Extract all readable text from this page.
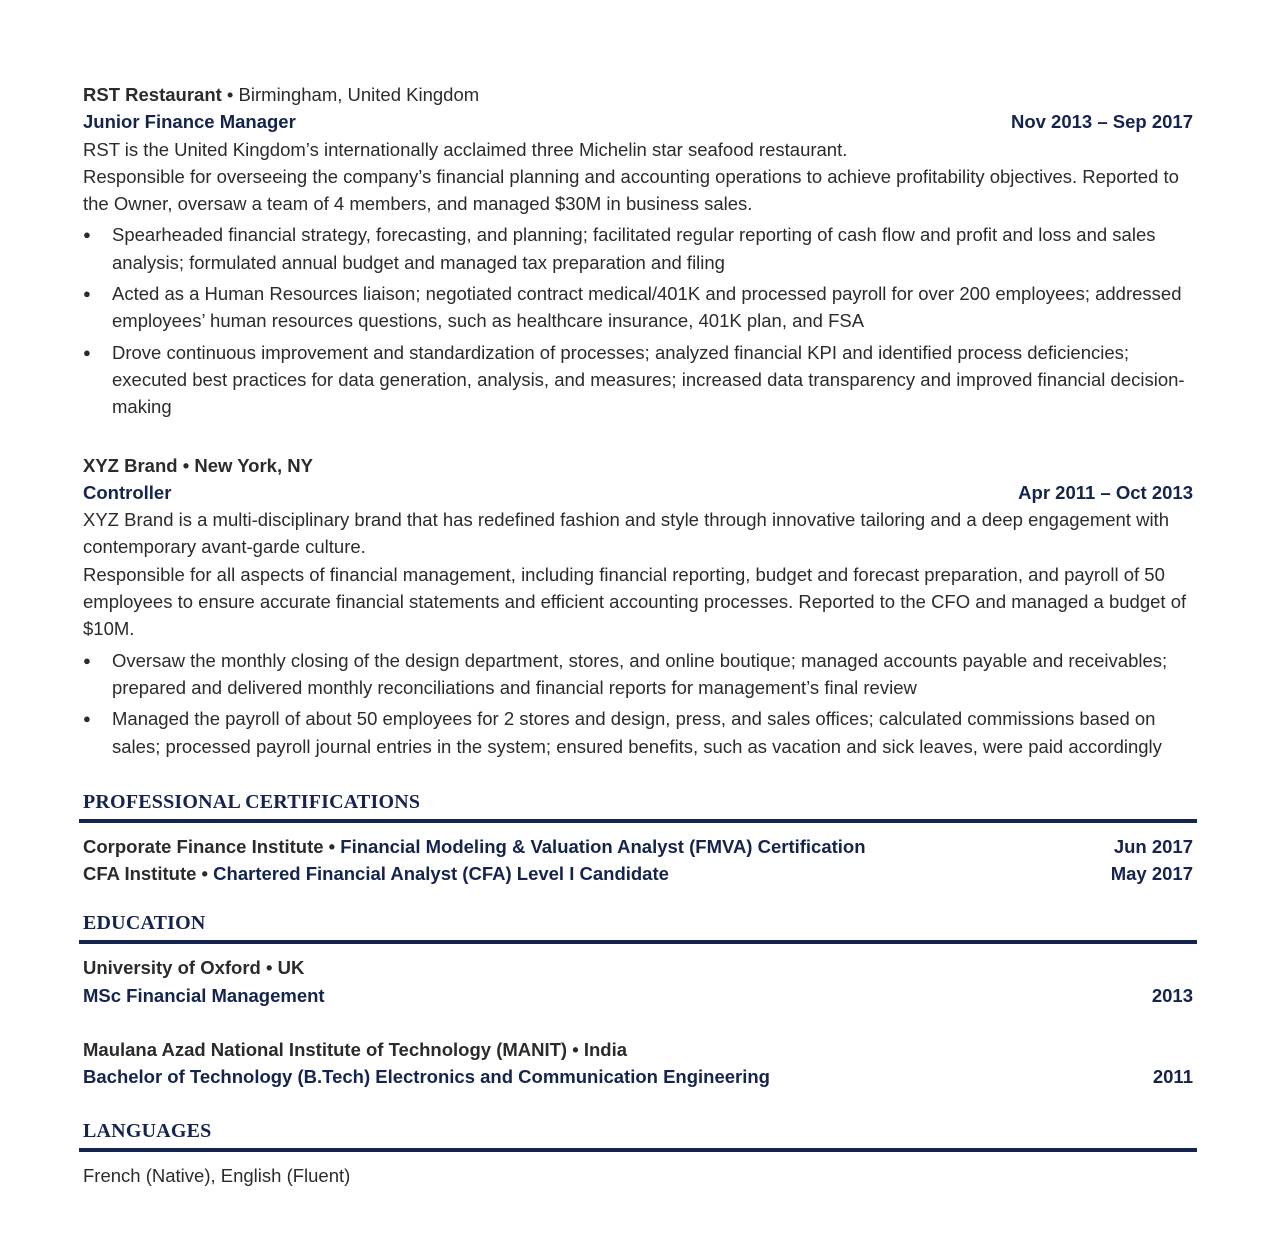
RST Restaurant • Birmingham, United Kingdom
Junior Finance Manager	Nov 2013 – Sep 2017
RST is the United Kingdom’s internationally acclaimed three Michelin star seafood restaurant.
Responsible for overseeing the company’s financial planning and accounting operations to achieve profitability objectives. Reported to the Owner, oversaw a team of 4 members, and managed $30M in business sales.
● Spearheaded financial strategy, forecasting, and planning; facilitated regular reporting of cash flow and profit and loss and sales analysis; formulated annual budget and managed tax preparation and filing
● Acted as a Human Resources liaison; negotiated contract medical/401K and processed payroll for over 200 employees; addressed employees’ human resources questions, such as healthcare insurance, 401K plan, and FSA
● Drove continuous improvement and standardization of processes; analyzed financial KPI and identified process deficiencies; executed best practices for data generation, analysis, and measures; increased data transparency and improved financial decision-making
XYZ Brand • New York, NY
Controller	Apr 2011 – Oct 2013
XYZ Brand is a multi-disciplinary brand that has redefined fashion and style through innovative tailoring and a deep engagement with contemporary avant-garde culture.
Responsible for all aspects of financial management, including financial reporting, budget and forecast preparation, and payroll of 50 employees to ensure accurate financial statements and efficient accounting processes. Reported to the CFO and managed a budget of $10M.
● Oversaw the monthly closing of the design department, stores, and online boutique; managed accounts payable and receivables; prepared and delivered monthly reconciliations and financial reports for management’s final review
● Managed the payroll of about 50 employees for 2 stores and design, press, and sales offices; calculated commissions based on sales; processed payroll journal entries in the system; ensured benefits, such as vacation and sick leaves, were paid accordingly
PROFESSIONAL CERTIFICATIONS
Corporate Finance Institute • Financial Modeling & Valuation Analyst (FMVA) Certification	Jun 2017
CFA Institute • Chartered Financial Analyst (CFA) Level I Candidate	May 2017
EDUCATION
University of Oxford • UK
MSc Financial Management	2013
Maulana Azad National Institute of Technology (MANIT) • India
Bachelor of Technology (B.Tech) Electronics and Communication Engineering	2011
LANGUAGES
French (Native), English (Fluent)
